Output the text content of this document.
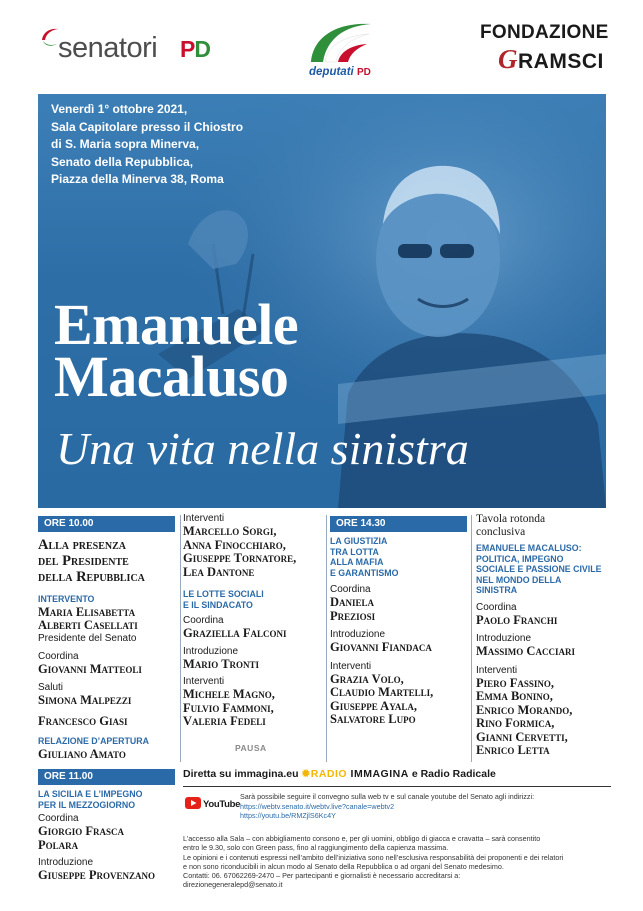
senatori PD
deputati PD
FONDAZIONE
GRAMSCI
Venerdì 1° ottobre 2021,
Sala Capitolare presso il Chiostro
di S. Maria sopra Minerva,
Senato della Repubblica,
Piazza della Minerva 38, Roma
Emanuele
Macaluso
Una vita nella sinistra
ORE 10.00
Alla presenza
del Presidente
della Repubblica
INTERVENTO
Maria Elisabetta
Alberti Casellati
Presidente del Senato
Coordina
Giovanni Matteoli
Saluti
Simona Malpezzi
Francesco Giasi
RELAZIONE D’APERTURA
Giuliano Amato
ORE 11.00
LA SICILIA E L’IMPEGNO
PER IL MEZZOGIORNO
Coordina
Giorgio Frasca
Polara
Introduzione
Giuseppe Provenzano
Interventi
Marcello Sorgi,
Anna Finocchiaro,
Giuseppe Tornatore,
Lea Dantone
LE LOTTE SOCIALI
E IL SINDACATO
Coordina
Graziella Falconi
Introduzione
Mario Tronti
Interventi
Michele Magno,
Fulvio Fammoni,
Valeria Fedeli
PAUSA
ORE 14.30
LA GIUSTIZIA
TRA LOTTA
ALLA MAFIA
E GARANTISMO
Coordina
Daniela
Preziosi
Introduzione
Giovanni Fiandaca
Interventi
Grazia Volo,
Claudio Martelli,
Giuseppe Ayala,
Salvatore Lupo
Tavola rotonda
conclusiva
EMANUELE MACALUSO:
POLITICA, IMPEGNO
SOCIALE E PASSIONE CIVILE
NEL MONDO DELLA
SINISTRA
Coordina
Paolo Franchi
Introduzione
Massimo Cacciari
Interventi
Piero Fassino,
Emma Bonino,
Enrico Morando,
Rino Formica,
Gianni Cervetti,
Enrico Letta
Diretta su immagina.eu ✹RADIO IMMAGINA e Radio Radicale
YouTube
Sarà possibile seguire il convegno sulla web tv e sul canale youtube del Senato agli indirizzi:
https://webtv.senato.it/webtv.live?canale=webtv2
https://youtu.be/RMZjlS6Kc4Y
L’accesso alla Sala – con abbigliamento consono e, per gli uomini, obbligo di giacca e cravatta – sarà consentito
entro le 9.30, solo con Green pass, fino al raggiungimento della capienza massima.
Le opinioni e i contenuti espressi nell’ambito dell’iniziativa sono nell’esclusiva responsabilità dei proponenti e dei relatori
e non sono riconducibili in alcun modo al Senato della Repubblica o ad organi del Senato medesimo.
Contatti: 06. 67062269-2470 – Per partecipanti e giornalisti è necessario accreditarsi a:
direzionegeneralepd@senato.it
